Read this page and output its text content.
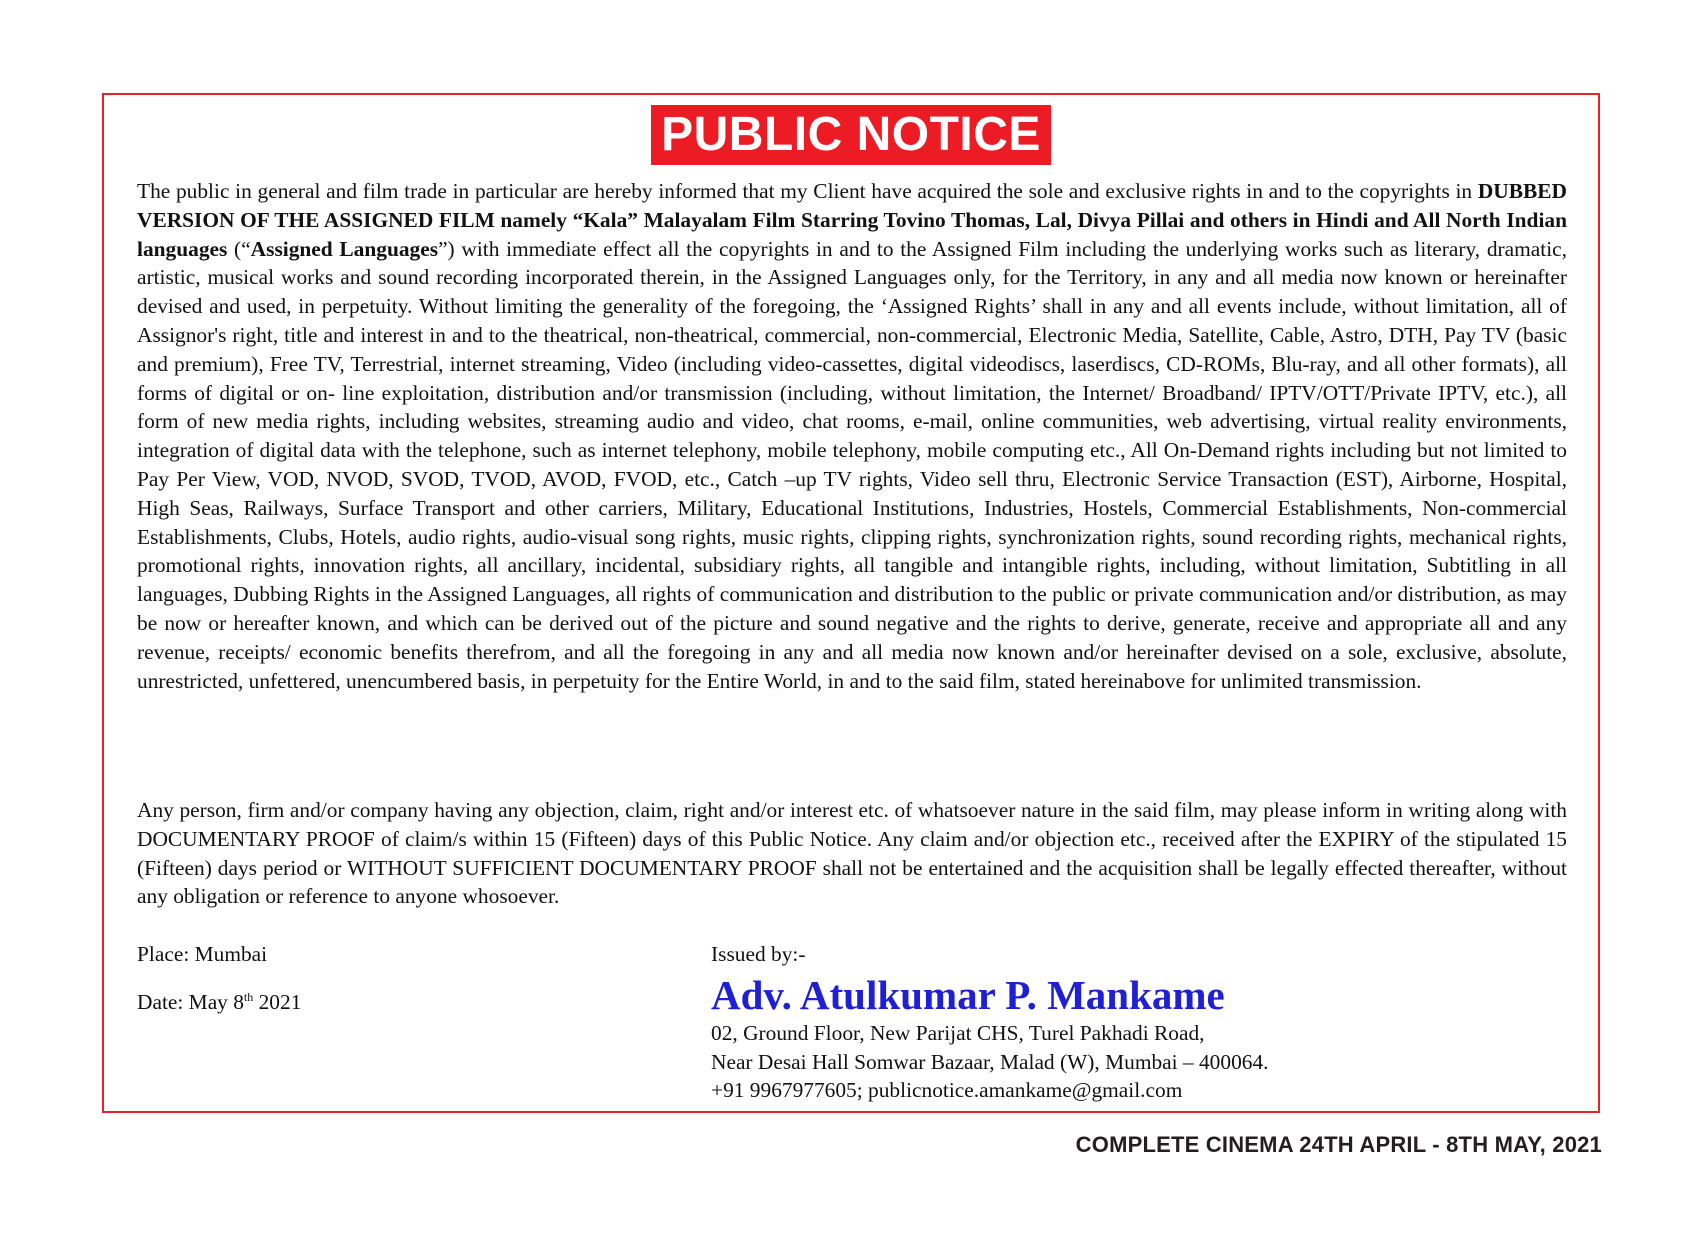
PUBLIC NOTICE

The public in general and film trade in particular are hereby informed that my Client have acquired the sole and exclusive rights in and to the copyrights in DUBBED VERSION OF THE ASSIGNED FILM namely “Kala” Malayalam Film Starring Tovino Thomas, Lal, Divya Pillai and others in Hindi and All North Indian languages (“Assigned Languages”) with immediate effect all the copyrights in and to the Assigned Film including the underlying works such as literary, dramatic, artistic, musical works and sound recording incorporated therein, in the Assigned Languages only, for the Territory, in any and all media now known or hereinafter devised and used, in perpetuity. Without limiting the generality of the foregoing, the ‘Assigned Rights’ shall in any and all events include, without limitation, all of Assignor's right, title and interest in and to the theatrical, non-theatrical, commercial, non-commercial, Electronic Media, Satellite, Cable, Astro, DTH, Pay TV (basic and premium), Free TV, Terrestrial, internet streaming, Video (including video-cassettes, digital videodiscs, laserdiscs, CD-ROMs, Blu-ray, and all other formats), all forms of digital or on- line exploitation, distribution and/or transmission (including, without limitation, the Internet/ Broadband/ IPTV/OTT/Private IPTV, etc.), all form of new media rights, including websites, streaming audio and video, chat rooms, e-mail, online communities, web advertising, virtual reality environments, integration of digital data with the telephone, such as internet telephony, mobile telephony, mobile computing etc., All On-Demand rights including but not limited to Pay Per View, VOD, NVOD, SVOD, TVOD, AVOD, FVOD, etc., Catch –up TV rights, Video sell thru, Electronic Service Transaction (EST), Airborne, Hospital, High Seas, Railways, Surface Transport and other carriers, Military, Educational Institutions, Industries, Hostels, Commercial Establishments, Non-commercial Establishments, Clubs, Hotels, audio rights, audio-visual song rights, music rights, clipping rights, synchronization rights, sound recording rights, mechanical rights, promotional rights, innovation rights, all ancillary, incidental, subsidiary rights, all tangible and intangible rights, including, without limitation, Subtitling in all languages, Dubbing Rights in the Assigned Languages, all rights of communication and distribution to the public or private communication and/or distribution, as may be now or hereafter known, and which can be derived out of the picture and sound negative and the rights to derive, generate, receive and appropriate all and any revenue, receipts/ economic benefits therefrom, and all the foregoing in any and all media now known and/or hereinafter devised on a sole, exclusive, absolute, unrestricted, unfettered, unencumbered basis, in perpetuity for the Entire World, in and to the said film, stated hereinabove for unlimited transmission.

Any person, firm and/or company having any objection, claim, right and/or interest etc. of whatsoever nature in the said film, may please inform in writing along with DOCUMENTARY PROOF of claim/s within 15 (Fifteen) days of this Public Notice. Any claim and/or objection etc., received after the EXPIRY of the stipulated 15 (Fifteen) days period or WITHOUT SUFFICIENT DOCUMENTARY PROOF shall not be entertained and the acquisition shall be legally effected thereafter, without any obligation or reference to anyone whosoever.

Place: Mumbai
Date: May 8th 2021
Issued by:-
Adv. Atulkumar P. Mankame
02, Ground Floor, New Parijat CHS, Turel Pakhadi Road,
Near Desai Hall Somwar Bazaar, Malad (W), Mumbai – 400064.
+91 9967977605; publicnotice.amankame@gmail.com
COMPLETE CINEMA 24TH APRIL - 8TH MAY, 2021
